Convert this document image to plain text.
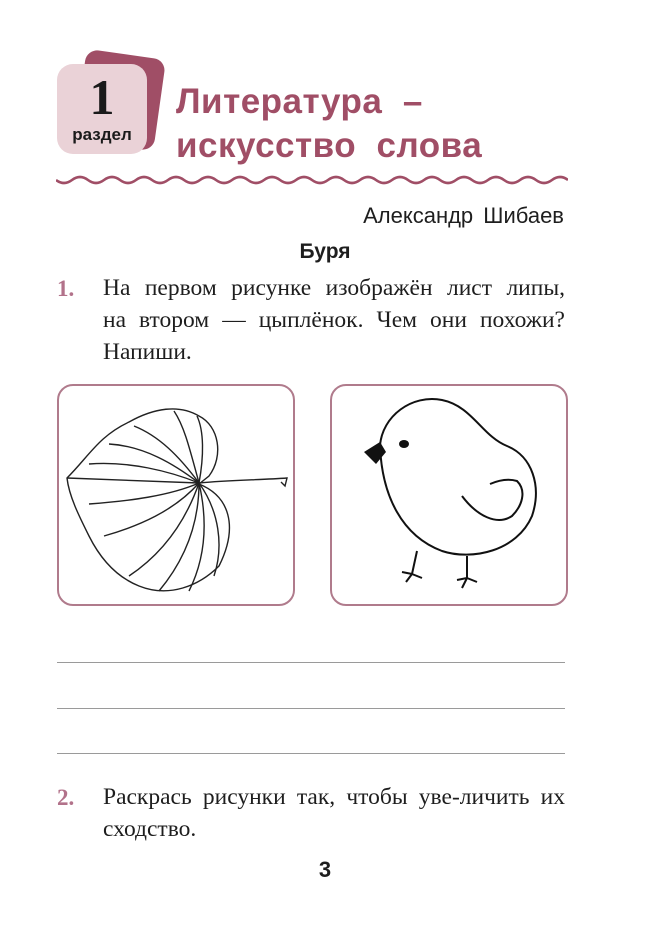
1
раздел
Литература  –
искусство  слова
Александр Шибаев
Буря
1. На первом рисунке изображён лист липы, на втором — цыплёнок. Чем они похожи? Напиши.
2. Раскрась рисунки так, чтобы уве-личить их сходство.
3
